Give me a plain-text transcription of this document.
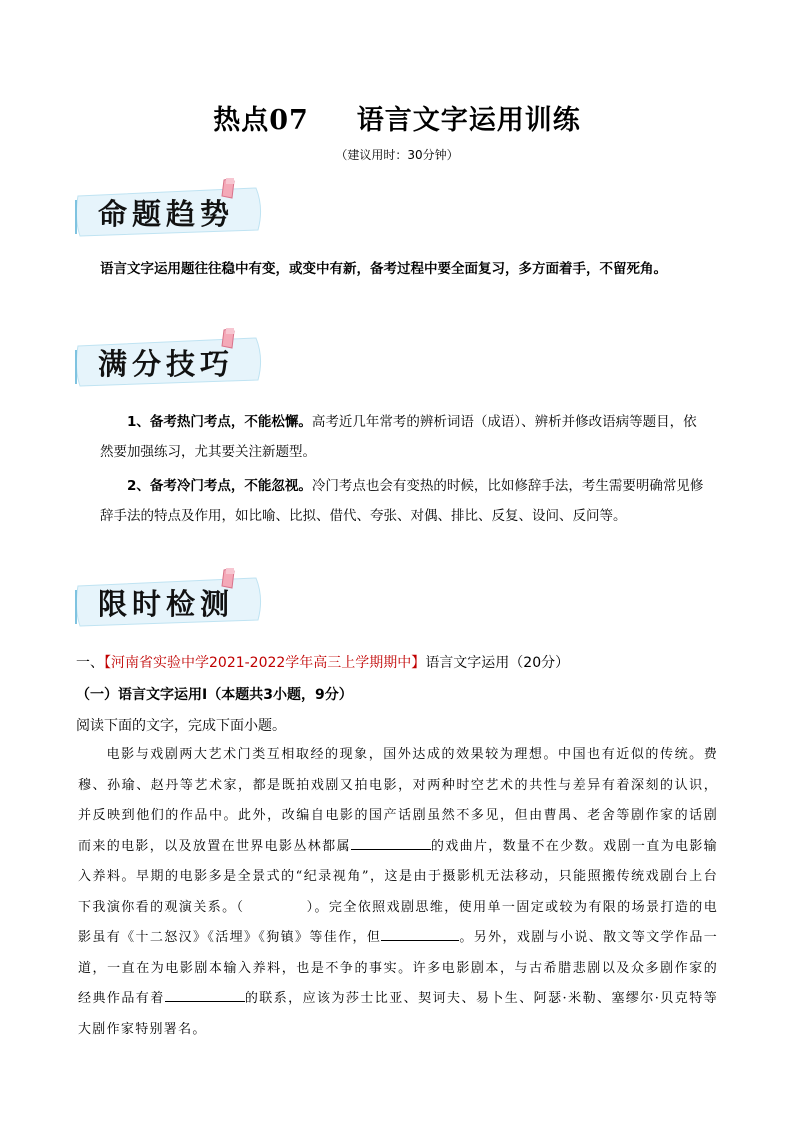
热点07 语言文字运用训练
（建议用时：30分钟）
命题趋势
语言文字运用题往往稳中有变，或变中有新，备考过程中要全面复习，多方面着手，不留死角。
满分技巧
1、备考热门考点，不能松懈。高考近几年常考的辨析词语（成语）、辨析并修改语病等题目，依然要加强练习，尤其要关注新题型。
2、备考冷门考点，不能忽视。冷门考点也会有变热的时候，比如修辞手法，考生需要明确常见修辞手法的特点及作用，如比喻、比拟、借代、夸张、对偶、排比、反复、设问、反问等。
限时检测
一、【河南省实验中学2021-2022学年高三上学期期中】语言文字运用（20分）
（一）语言文字运用Ⅰ（本题共3小题，9分）
阅读下面的文字，完成下面小题。
电影与戏剧两大艺术门类互相取经的现象，国外达成的效果较为理想。中国也有近似的传统。费穆、孙瑜、赵丹等艺术家，都是既拍戏剧又拍电影，对两种时空艺术的共性与差异有着深刻的认识，并反映到他们的作品中。此外，改编自电影的国产话剧虽然不多见，但由曹禺、老舍等剧作家的话剧而来的电影，以及放置在世界电影丛林都属	的戏曲片，数量不在少数。戏剧一直为电影输入养料。早期的电影多是全景式的“纪录视角”，这是由于摄影机无法移动，只能照搬传统戏剧台上台下我演你看的观演关系。（	）。完全依照戏剧思维，使用单一固定或较为有限的场景打造的电影虽有《十二怒汉》《活埋》《狗镇》等佳作，但	。另外，戏剧与小说、散文等文学作品一道，一直在为电影剧本输入养料，也是不争的事实。许多电影剧本，与古希腊悲剧以及众多剧作家的经典作品有着	的联系，应该为莎士比亚、契诃夫、易卜生、阿瑟·米勒、塞缪尔·贝克特等大剧作家特别署名。
